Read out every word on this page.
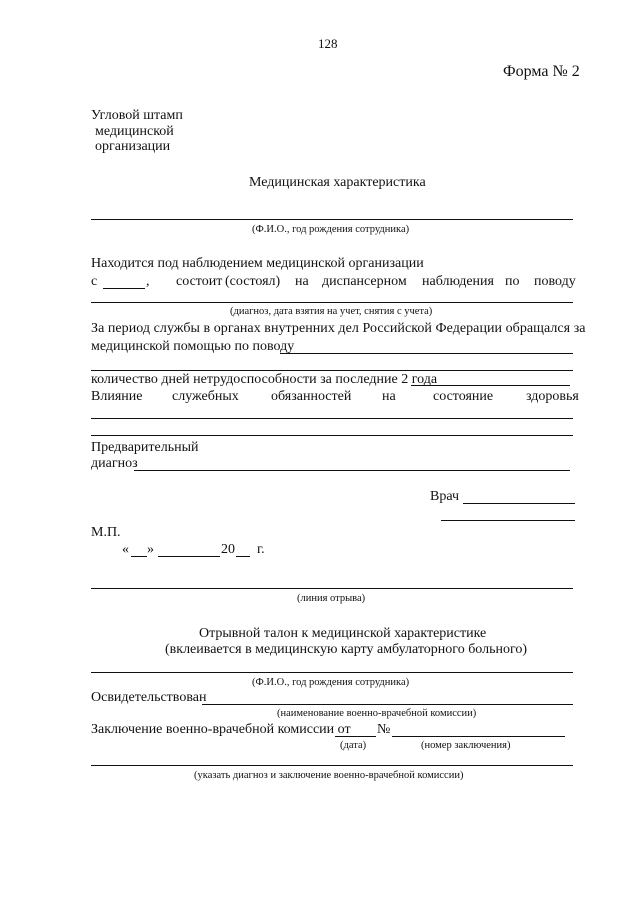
128
Форма № 2
Угловой штамп
медицинской
организации
Медицинская характеристика
(Ф.И.О., год рождения сотрудника)
Находится под наблюдением медицинской организации
с	, состоит (состоял) на диспансерном наблюдения по поводу
(диагноз, дата взятия на учет, снятия с учета)
За период службы в органах внутренних дел Российской Федерации обращался за
медицинской помощью по поводу
количество дней нетрудоспособности за последние 2 года
Влияние служебных обязанностей на	состояние здоровья
Предварительный
диагноз
Врач
М.П.
« »	20 г.
(линия отрыва)
Отрывной талон к медицинской характеристике
(вклеивается в медицинскую карту амбулаторного больного)
(Ф.И.О., год рождения сотрудника)
Освидетельствован
(наименование военно-врачебной комиссии)
Заключение военно-врачебной комиссии от №
(дата)	(номер заключения)
(указать диагноз и заключение военно-врачебной комиссии)
